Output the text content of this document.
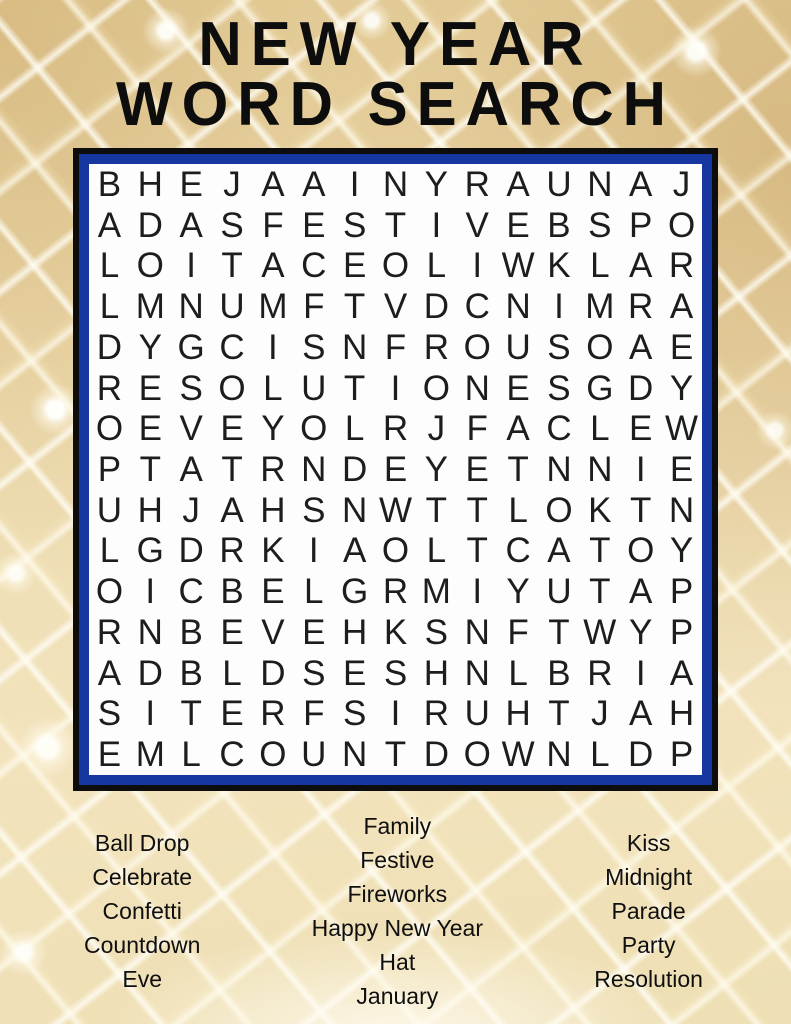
NEW YEAR
WORD SEARCH
B H E J A A I N Y R A U N A J
A D A S F E S T I V E B S P O
L O I T A C E O L I W K L A R
L M N U M F T V D C N I M R A
D Y G C I S N F R O U S O A E
R E S O L U T I O N E S G D Y
O E V E Y O L R J F A C L E W
P T A T R N D E Y E T N N I E
U H J A H S N W T T L O K T N
L G D R K I A O L T C A T O Y
O I C B E L G R M I Y U T A P
R N B E V E H K S N F T W Y P
A D B L D S E S H N L B R I A
S I T E R F S I R U H T J A H
E M L C O U N T D O W N L D P
Ball Drop
Celebrate
Confetti
Countdown
Eve
Family
Festive
Fireworks
Happy New Year
Hat
January
Kiss
Midnight
Parade
Party
Resolution
